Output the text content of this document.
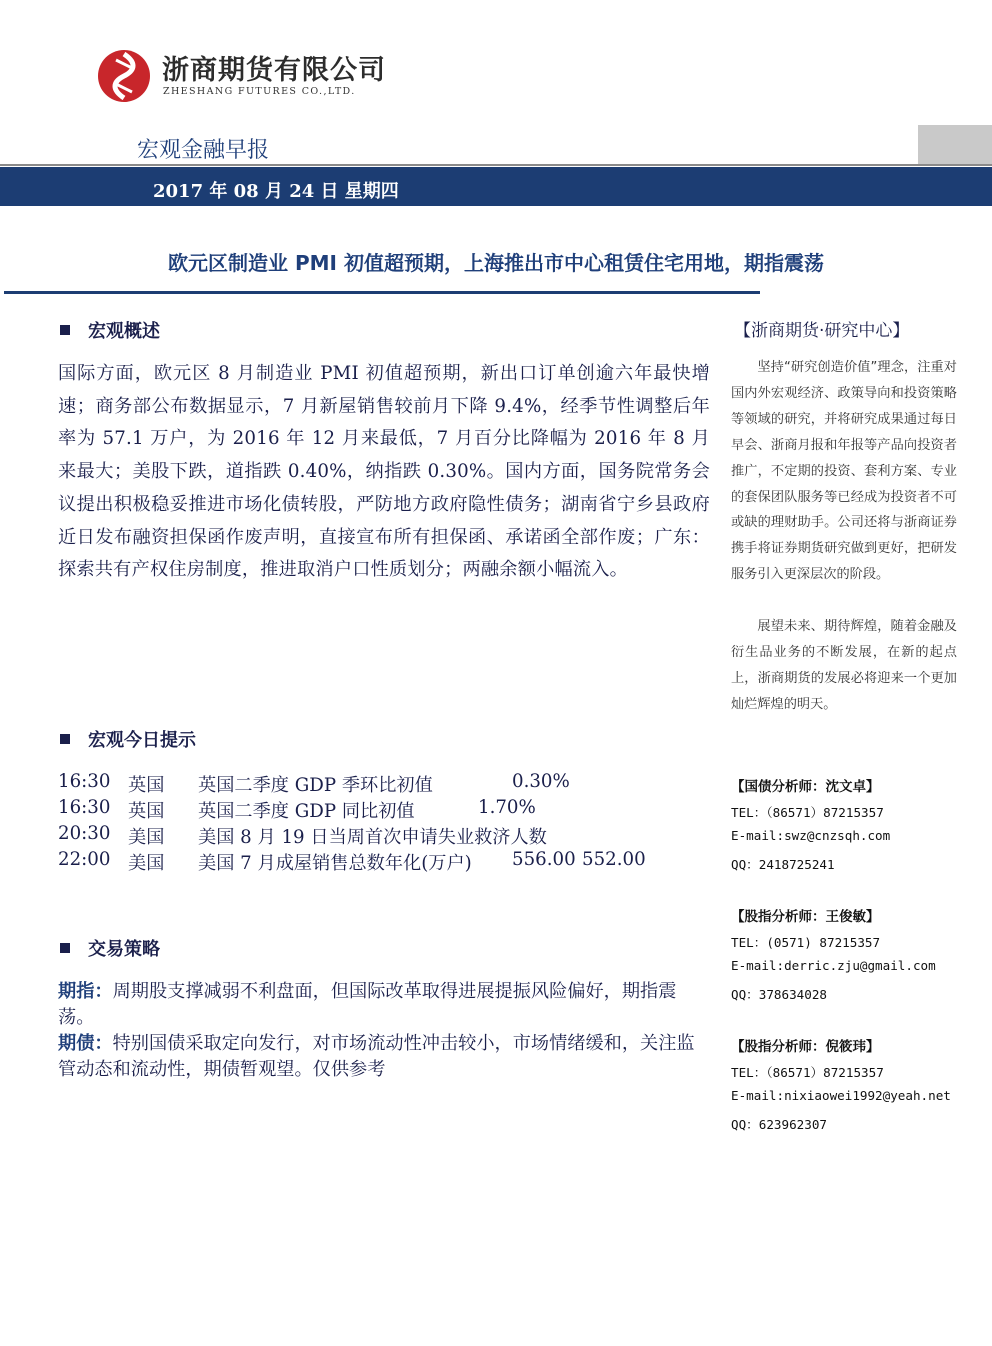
浙商期货有限公司
ZHESHANG FUTURES CO.,LTD.
宏观金融早报
2017 年 08 月 24 日 星期四
欧元区制造业 PMI 初值超预期，上海推出市中心租赁住宅用地，期指震荡
宏观概述
国际方面，欧元区 8 月制造业 PMI 初值超预期，新出口订单创逾六年最快增速；商务部公布数据显示，7 月新屋销售较前月下降 9.4%，经季节性调整后年率为 57.1 万户，为 2016 年 12 月来最低，7 月百分比降幅为 2016 年 8 月来最大；美股下跌，道指跌 0.40%，纳指跌 0.30%。国内方面，国务院常务会议提出积极稳妥推进市场化债转股，严防地方政府隐性债务；湖南省宁乡县政府近日发布融资担保函作废声明，直接宣布所有担保函、承诺函全部作废；广东：探索共有产权住房制度，推进取消户口性质划分；两融余额小幅流入。
宏观今日提示
16:30 英国 英国二季度 GDP 季环比初值	0.30%
16:30 英国 英国二季度 GDP 同比初值	1.70%
20:30 美国 美国 8 月 19 日当周首次申请失业救济人数
22:00 美国 美国 7 月成屋销售总数年化(万户) 556.00 552.00
交易策略
期指：周期股支撑减弱不利盘面，但国际改革取得进展提振风险偏好，期指震荡。
期债：特别国债采取定向发行，对市场流动性冲击较小，市场情绪缓和，关注监管动态和流动性，期债暂观望。仅供参考
【浙商期货·研究中心】
坚持“研究创造价值”理念，注重对国内外宏观经济、政策导向和投资策略等领域的研究，并将研究成果通过每日早会、浙商月报和年报等产品向投资者推广，不定期的投资、套利方案、专业的套保团队服务等已经成为投资者不可或缺的理财助手。公司还将与浙商证券携手将证券期货研究做到更好，把研发服务引入更深层次的阶段。
展望未来、期待辉煌，随着金融及衍生品业务的不断发展，在新的起点上，浙商期货的发展必将迎来一个更加灿烂辉煌的明天。
【国债分析师：沈文卓】
TEL：（86571）87215357
E-mail:swz@cnzsqh.com
QQ：2418725241
【股指分析师：王俊敏】
TEL：(0571) 87215357
E-mail:derric.zju@gmail.com
QQ：378634028
【股指分析师：倪筱玮】
TEL：（86571）87215357
E-mail:nixiaowei1992@yeah.net
QQ：623962307
